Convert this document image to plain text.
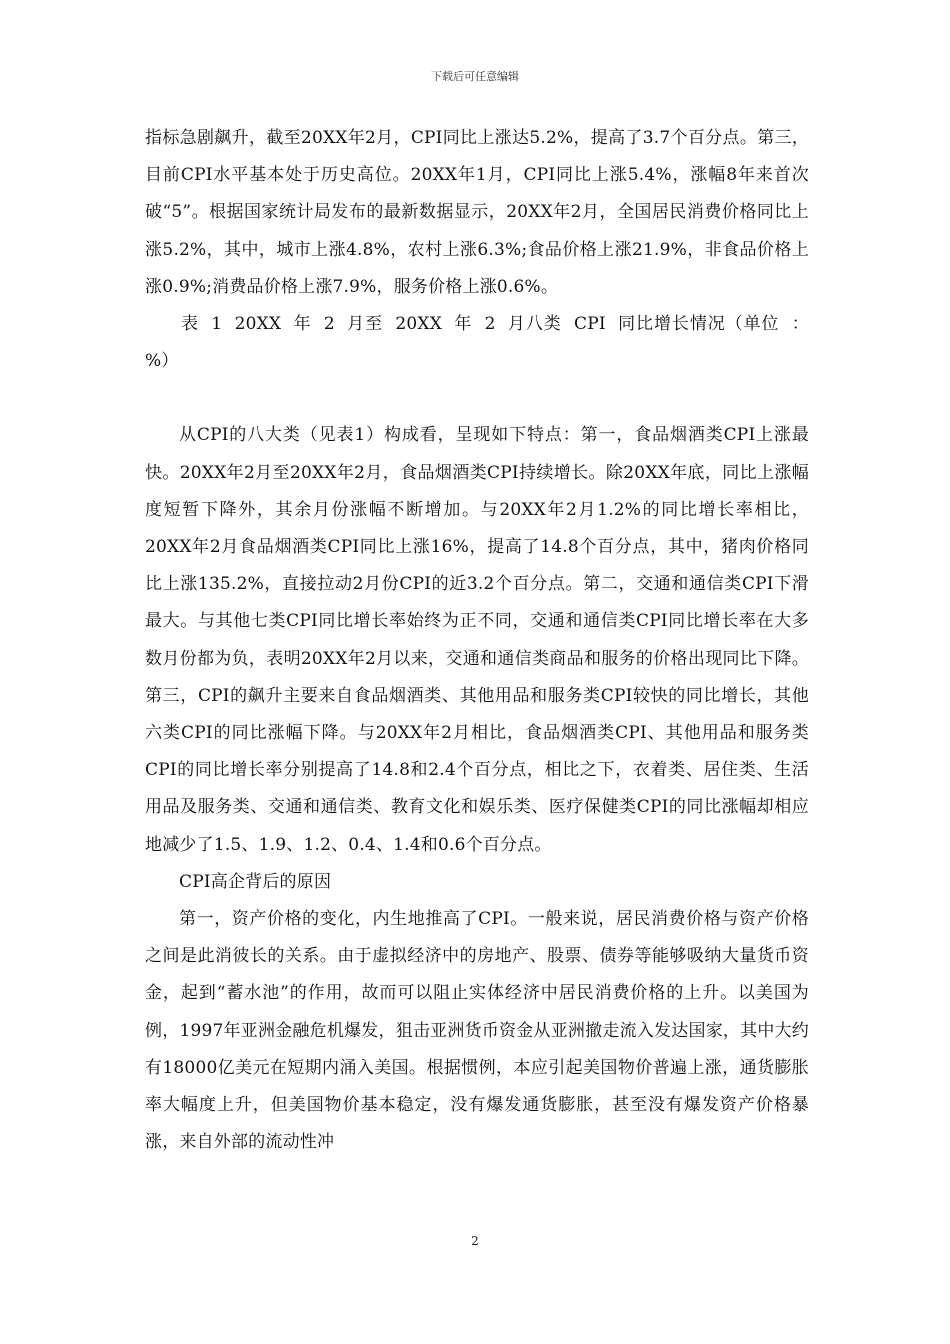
下载后可任意编辑

指标急剧飙升，截至20XX年2月，CPI同比上涨达5.2%，提高了3.7个百分点。第三，目前CPI水平基本处于历史高位。20XX年1月，CPI同比上涨5.4%，涨幅8年来首次破“5”。根据国家统计局发布的最新数据显示，20XX年2月，全国居民消费价格同比上涨5.2%，其中，城市上涨4.8%，农村上涨6.3%;食品价格上涨21.9%，非食品价格上涨0.9%;消费品价格上涨7.9%，服务价格上涨0.6%。

表 1 20XX 年 2 月至 20XX 年 2 月八类 CPI 同比增长情况（单位 ：%）

从CPI的八大类（见表1）构成看，呈现如下特点：第一，食品烟酒类CPI上涨最快。20XX年2月至20XX年2月，食品烟酒类CPI持续增长。除20XX年底，同比上涨幅度短暂下降外，其余月份涨幅不断增加。与20XX年2月1.2%的同比增长率相比，20XX年2月食品烟酒类CPI同比上涨16%，提高了14.8个百分点，其中，猪肉价格同比上涨135.2%，直接拉动2月份CPI的近3.2个百分点。第二，交通和通信类CPI下滑最大。与其他七类CPI同比增长率始终为正不同，交通和通信类CPI同比增长率在大多数月份都为负，表明20XX年2月以来，交通和通信类商品和服务的价格出现同比下降。第三，CPI的飙升主要来自食品烟酒类、其他用品和服务类CPI较快的同比增长，其他六类CPI的同比涨幅下降。与20XX年2月相比，食品烟酒类CPI、其他用品和服务类CPI的同比增长率分别提高了14.8和2.4个百分点，相比之下，衣着类、居住类、生活用品及服务类、交通和通信类、教育文化和娱乐类、医疗保健类CPI的同比涨幅却相应地减少了1.5、1.9、1.2、0.4、1.4和0.6个百分点。

CPI高企背后的原因

第一，资产价格的变化，内生地推高了CPI。一般来说，居民消费价格与资产价格之间是此消彼长的关系。由于虚拟经济中的房地产、股票、债券等能够吸纳大量货币资金，起到“蓄水池”的作用，故而可以阻止实体经济中居民消费价格的上升。以美国为例，1997年亚洲金融危机爆发，狙击亚洲货币资金从亚洲撤走流入发达国家，其中大约有18000亿美元在短期内涌入美国。根据惯例，本应引起美国物价普遍上涨，通货膨胀率大幅度上升，但美国物价基本稳定，没有爆发通货膨胀，甚至没有爆发资产价格暴涨，来自外部的流动性冲

2
